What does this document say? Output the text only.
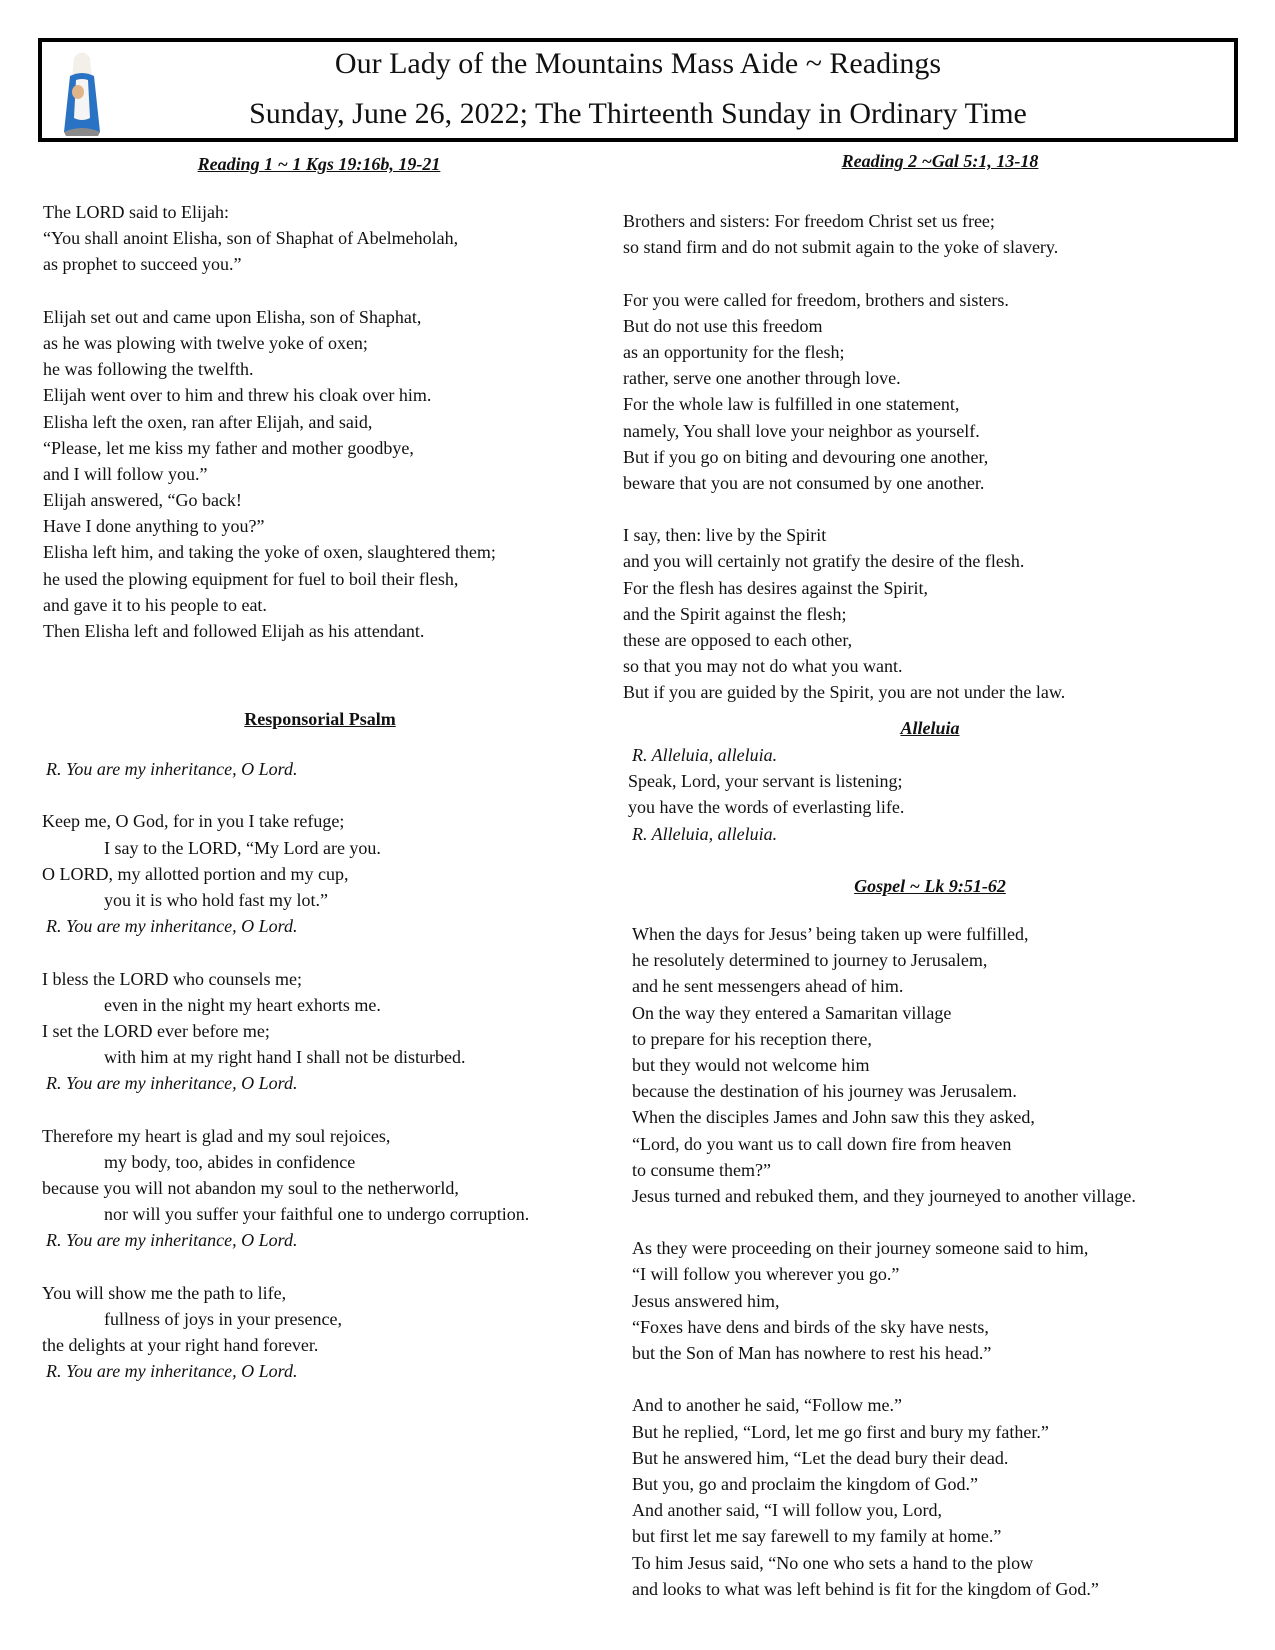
Our Lady of the Mountains Mass Aide ~ Readings
Sunday, June 26, 2022; The Thirteenth Sunday in Ordinary Time
Reading 1 ~ 1 Kgs 19:16b, 19-21
The LORD said to Elijah:
“You shall anoint Elisha, son of Shaphat of Abelmeholah,
as prophet to succeed you.”
Elijah set out and came upon Elisha, son of Shaphat,
as he was plowing with twelve yoke of oxen;
he was following the twelfth.
Elijah went over to him and threw his cloak over him.
Elisha left the oxen, ran after Elijah, and said,
“Please, let me kiss my father and mother goodbye,
and I will follow you.”
Elijah answered, “Go back!
Have I done anything to you?”
Elisha left him, and taking the yoke of oxen, slaughtered them;
he used the plowing equipment for fuel to boil their flesh,
and gave it to his people to eat.
Then Elisha left and followed Elijah as his attendant.
Responsorial Psalm
R. You are my inheritance, O Lord.
Keep me, O God, for in you I take refuge;
I say to the LORD, “My Lord are you.
O LORD, my allotted portion and my cup,
you it is who hold fast my lot.”
R. You are my inheritance, O Lord.
I bless the LORD who counsels me;
even in the night my heart exhorts me.
I set the LORD ever before me;
with him at my right hand I shall not be disturbed.
R. You are my inheritance, O Lord.
Therefore my heart is glad and my soul rejoices,
my body, too, abides in confidence
because you will not abandon my soul to the netherworld,
nor will you suffer your faithful one to undergo corruption.
R. You are my inheritance, O Lord.
You will show me the path to life,
fullness of joys in your presence,
the delights at your right hand forever.
R. You are my inheritance, O Lord.
Reading 2 ~Gal 5:1, 13-18
Brothers and sisters: For freedom Christ set us free;
so stand firm and do not submit again to the yoke of slavery.
For you were called for freedom, brothers and sisters.
But do not use this freedom
as an opportunity for the flesh;
rather, serve one another through love.
For the whole law is fulfilled in one statement,
namely, You shall love your neighbor as yourself.
But if you go on biting and devouring one another,
beware that you are not consumed by one another.
I say, then: live by the Spirit
and you will certainly not gratify the desire of the flesh.
For the flesh has desires against the Spirit,
and the Spirit against the flesh;
these are opposed to each other,
so that you may not do what you want.
But if you are guided by the Spirit, you are not under the law.
Alleluia
R. Alleluia, alleluia.
Speak, Lord, your servant is listening;
you have the words of everlasting life.
R. Alleluia, alleluia.
Gospel ~ Lk 9:51-62
When the days for Jesus’ being taken up were fulfilled,
he resolutely determined to journey to Jerusalem,
and he sent messengers ahead of him.
On the way they entered a Samaritan village
to prepare for his reception there,
but they would not welcome him
because the destination of his journey was Jerusalem.
When the disciples James and John saw this they asked,
“Lord, do you want us to call down fire from heaven
to consume them?”
Jesus turned and rebuked them, and they journeyed to another village.
As they were proceeding on their journey someone said to him,
“I will follow you wherever you go.”
Jesus answered him,
“Foxes have dens and birds of the sky have nests,
but the Son of Man has nowhere to rest his head.”
And to another he said, “Follow me.”
But he replied, “Lord, let me go first and bury my father.”
But he answered him, “Let the dead bury their dead.
But you, go and proclaim the kingdom of God.”
And another said, “I will follow you, Lord,
but first let me say farewell to my family at home.”
To him Jesus said, “No one who sets a hand to the plow
and looks to what was left behind is fit for the kingdom of God.”
